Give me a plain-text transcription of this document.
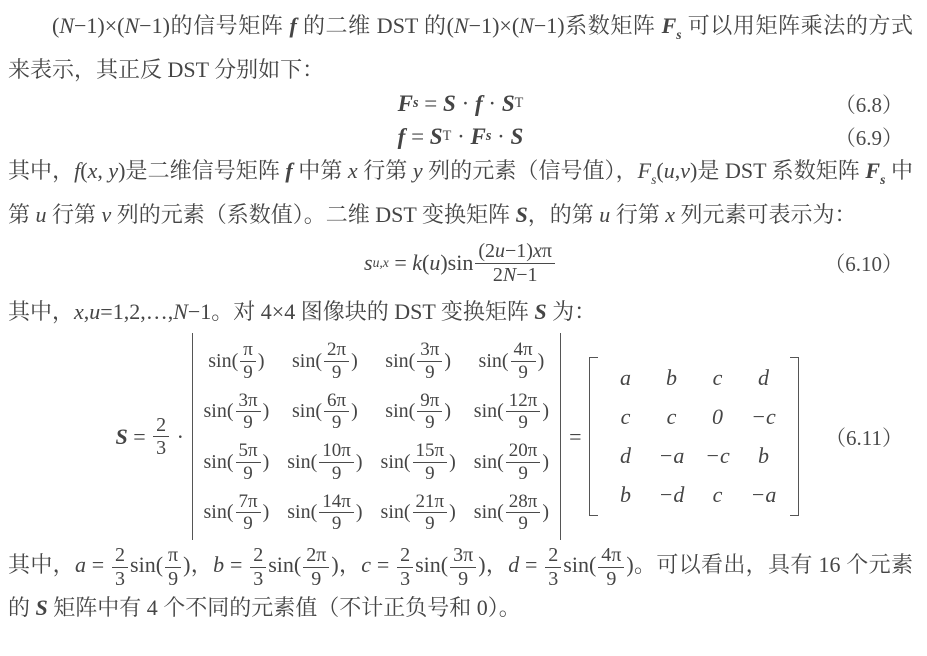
(N−1)×(N−1)的信号矩阵 f 的二维 DST 的(N−1)×(N−1)系数矩阵 $F_s$ 可以用矩阵乘法的方式来表示，其正反 DST 分别如下：

F s = S · f · S T	（6.8）
f = S T · F s · S	（6.9）

其中，f(x, y)是二维信号矩阵 f 中第 x 行第 y 列的元素（信号值），$F_s(u,v)$是 DST 系数矩阵 $F_s$ 中第 u 行第 v 列的元素（系数值）。二维 DST 变换矩阵 S，的第 u 行第 x 列元素可表示为：

s u,x = k ( u )$\sin \frac{(2u-1)x\pi}{2N-1}$	（6.10）

其中，x,u=1,2,…,N−1。对 4×4 图像块的 DST 变换矩阵 S 为：

$S = \frac{2}{3}$ ·
$\sin( \frac{\pi}{9}$ ) $\sin( \frac{2\pi}{9}$ ) $\sin( \frac{3\pi}{9}$ ) $\sin( \frac{4\pi}{9}$ )
$\sin( \frac{3\pi}{9}$ ) $\sin( \frac{6\pi}{9}$ ) $\sin( \frac{9\pi}{9}$ ) $\sin( \frac{12\pi}{9}$ )
$\sin( \frac{5\pi}{9}$ ) $\sin( \frac{10\pi}{9}$ ) $\sin( \frac{15\pi}{9}$ ) $\sin( \frac{20\pi}{9}$ )
$\sin( \frac{7\pi}{9}$ ) $\sin( \frac{14\pi}{9}$ ) $\sin( \frac{21\pi}{9}$ ) $\sin( \frac{28\pi}{9}$ )
=
a	b	c	d
c	c	0	−c
d	−a −c	b
b	−d	c	−a
（6.11）

其中，$a = \frac{2}{3} \sin( \frac{\pi}{9}$ )，$b = \frac{2}{3} \sin( \frac{2\pi}{9}$ )，$c = \frac{2}{3} \sin( \frac{3\pi}{9}$ )，$d = \frac{2}{3} \sin( \frac{4\pi}{9}$ )。可以看出，具有 16 个元素的 S 矩阵中有 4 个不同的元素值（不计正负号和 0）。
